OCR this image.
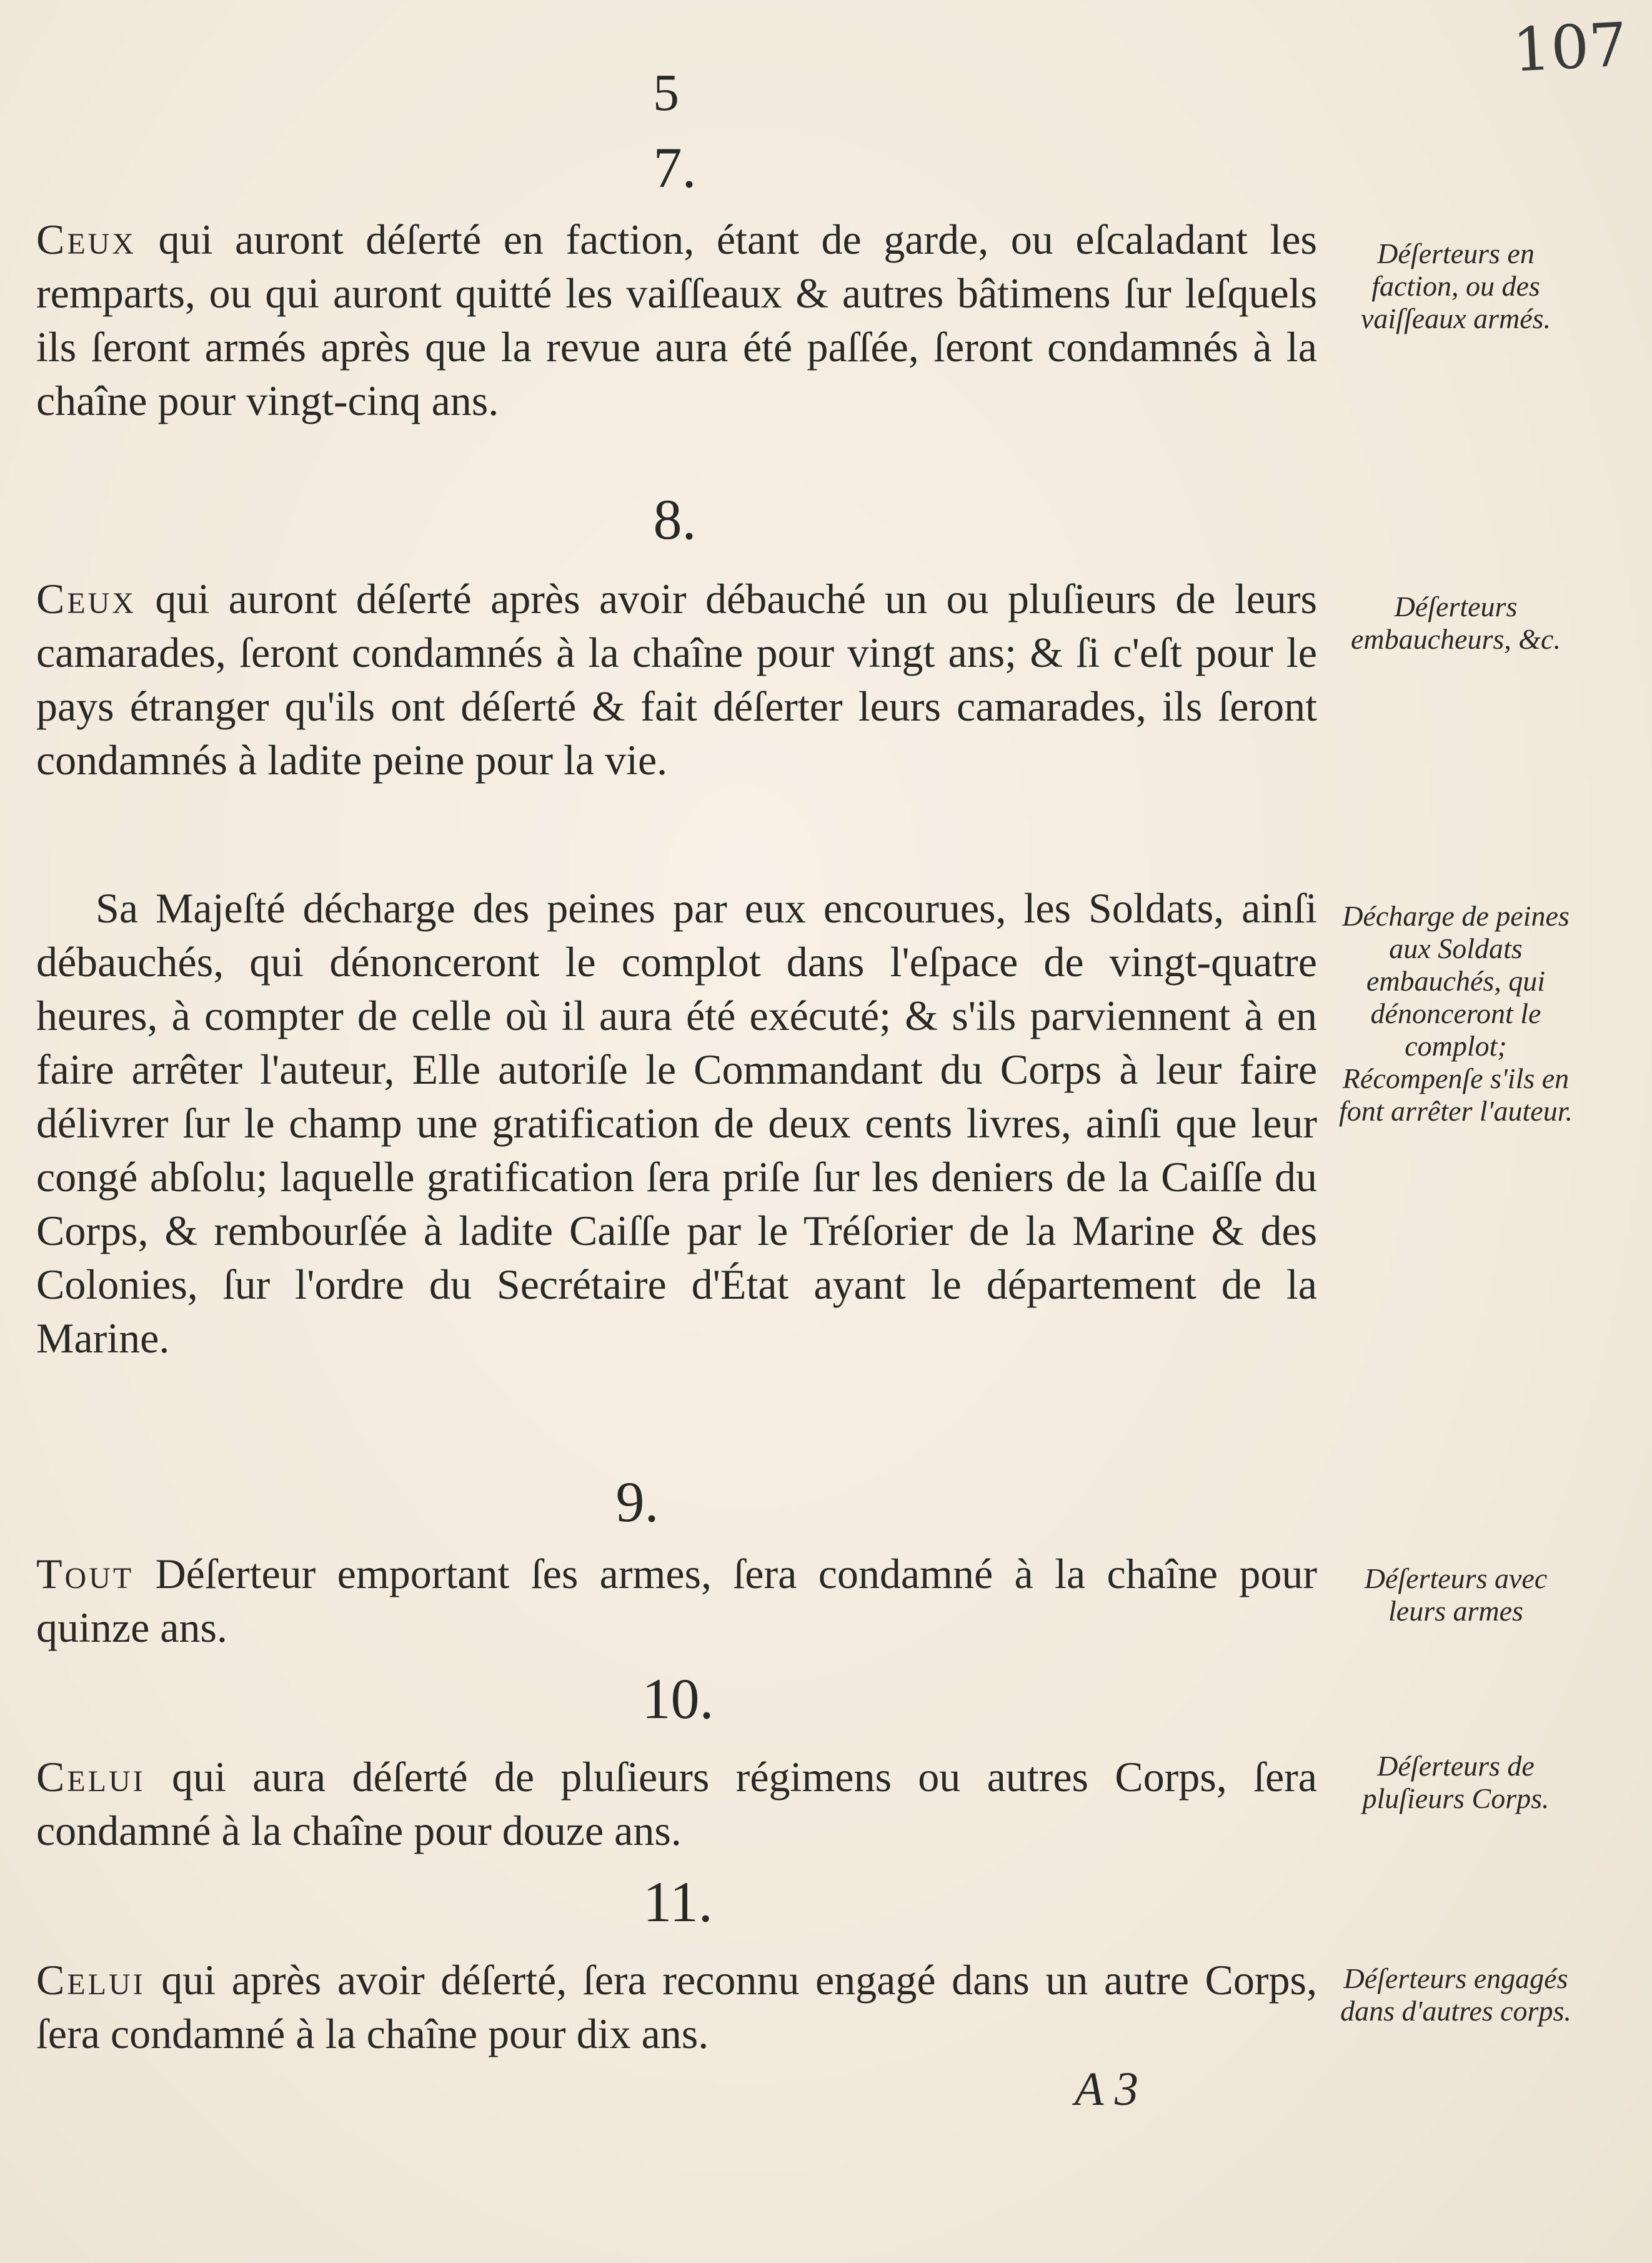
107
5
7.
Ceux qui auront déſerté en faction, étant de garde, ou eſcaladant les remparts, ou qui auront quitté les vaiſſeaux & autres bâtimens ſur leſquels ils ſeront armés après que la revue aura été paſſée, ſeront condamnés à la chaîne pour vingt-cinq ans.
Déſerteurs en faction, ou des vaiſſeaux armés.
8.
Ceux qui auront déſerté après avoir débauché un ou pluſieurs de leurs camarades, ſeront condamnés à la chaîne pour vingt ans; & ſi c'eſt pour le pays étranger qu'ils ont déſerté & fait déſerter leurs camarades, ils ſeront condamnés à ladite peine pour la vie.
Déſerteurs embaucheurs, &c.
Sa Majeſté décharge des peines par eux encourues, les Soldats, ainſi débauchés, qui dénonceront le complot dans l'eſpace de vingt-quatre heures, à compter de celle où il aura été exécuté; & s'ils parviennent à en faire arrêter l'auteur, Elle autoriſe le Commandant du Corps à leur faire délivrer ſur le champ une gratification de deux cents livres, ainſi que leur congé abſolu; laquelle gratification ſera priſe ſur les deniers de la Caiſſe du Corps, & rembourſée à ladite Caiſſe par le Tréſorier de la Marine & des Colonies, ſur l'ordre du Secrétaire d'État ayant le département de la Marine.
Décharge de peines aux Soldats embauchés, qui dénonceront le complot; Récompenſe s'ils en font arrêter l'auteur.
9.
Tout Déſerteur emportant ſes armes, ſera condamné à la chaîne pour quinze ans.
Déſerteurs avec leurs armes
10.
Celui qui aura déſerté de pluſieurs régimens ou autres Corps, ſera condamné à la chaîne pour douze ans.
Déſerteurs de pluſieurs Corps.
11.
Celui qui après avoir déſerté, ſera reconnu engagé dans un autre Corps, ſera condamné à la chaîne pour dix ans.
Déſerteurs engagés dans d'autres corps.
A 3
